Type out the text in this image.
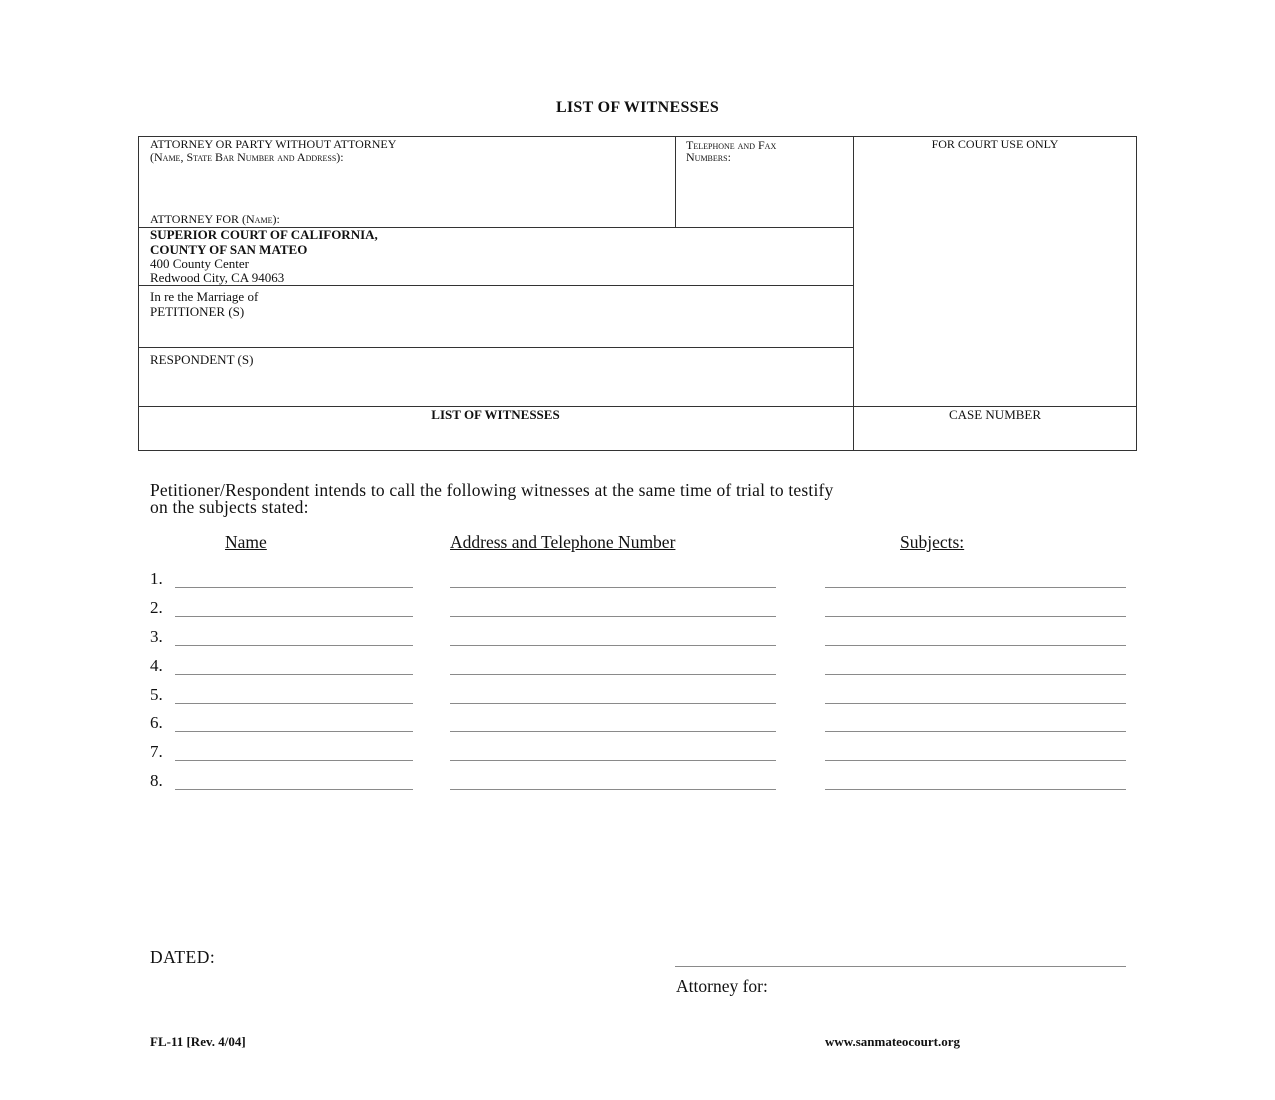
LIST OF WITNESSES
ATTORNEY OR PARTY WITHOUT ATTORNEY
(Name, State Bar Number and Address):
ATTORNEY FOR (Name):
Telephone and Fax
Numbers:
FOR COURT USE ONLY
SUPERIOR COURT OF CALIFORNIA,
COUNTY OF SAN MATEO
400 County Center
Redwood City, CA 94063
In re the Marriage of
PETITIONER (S)
RESPONDENT (S)
LIST OF WITNESSES	CASE NUMBER
Petitioner/Respondent intends to call the following witnesses at the same time of trial to testify
on the subjects stated:
Name	Address and Telephone Number	Subjects:
1.
2.
3.
4.
5.
6.
7.
8.
DATED:
Attorney for:
FL-11 [Rev. 4/04]	www.sanmateocourt.org
